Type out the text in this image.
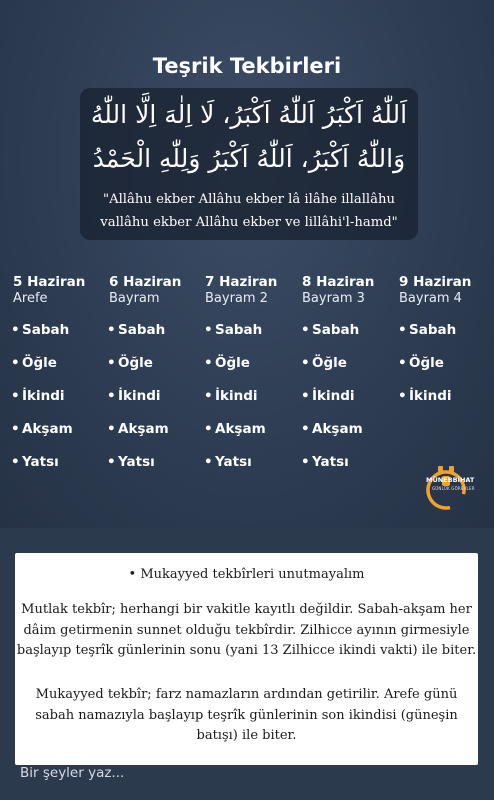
Teşrik Tekbirleri
اَللّٰهُ اَكْبَرُ اَللّٰهُ اَكْبَرُ، لَا اِلٰهَ اِلَّا اللّٰهُ
وَاللّٰهُ اَكْبَرُ، اَللّٰهُ اَكْبَرُ وَلِلّٰهِ الْحَمْدُ
"Allâhu ekber Allâhu ekber lâ ilâhe illallâhu
vallâhu ekber Allâhu ekber ve lillâhi'l-hamd"
5 Haziran
Arefe
6 Haziran
Bayram
7 Haziran
Bayram 2
8 Haziran
Bayram 3
9 Haziran
Bayram 4
• Sabah
• Öğle
• İkindi
• Akşam
• Yatsı
• Sabah
• Öğle
• İkindi
• Akşam
• Yatsı
• Sabah
• Öğle
• İkindi
• Akşam
• Yatsı
• Sabah
• Öğle
• İkindi
• Akşam
• Yatsı
• Sabah
• Öğle
• İkindi
MÜNEBBİHAT
GÜNLÜK GÖREVLER

• Mukayyed tekbîrleri unutmayalım

Mutlak tekbîr; herhangi bir vakitle kayıtlı değildir. Sabah-akşam her dâim getirmenin sunnet olduğu tekbîrdir. Zilhicce ayının girmesiyle başlayıp teşrîk günlerinin sonu (yani 13 Zilhicce ikindi vakti) ile biter.

Mukayyed tekbîr; farz namazların ardından getirilir. Arefe günü sabah namazıyla başlayıp teşrîk günlerinin son ikindisi (güneşin batışı) ile biter.

Bir şeyler yaz...
